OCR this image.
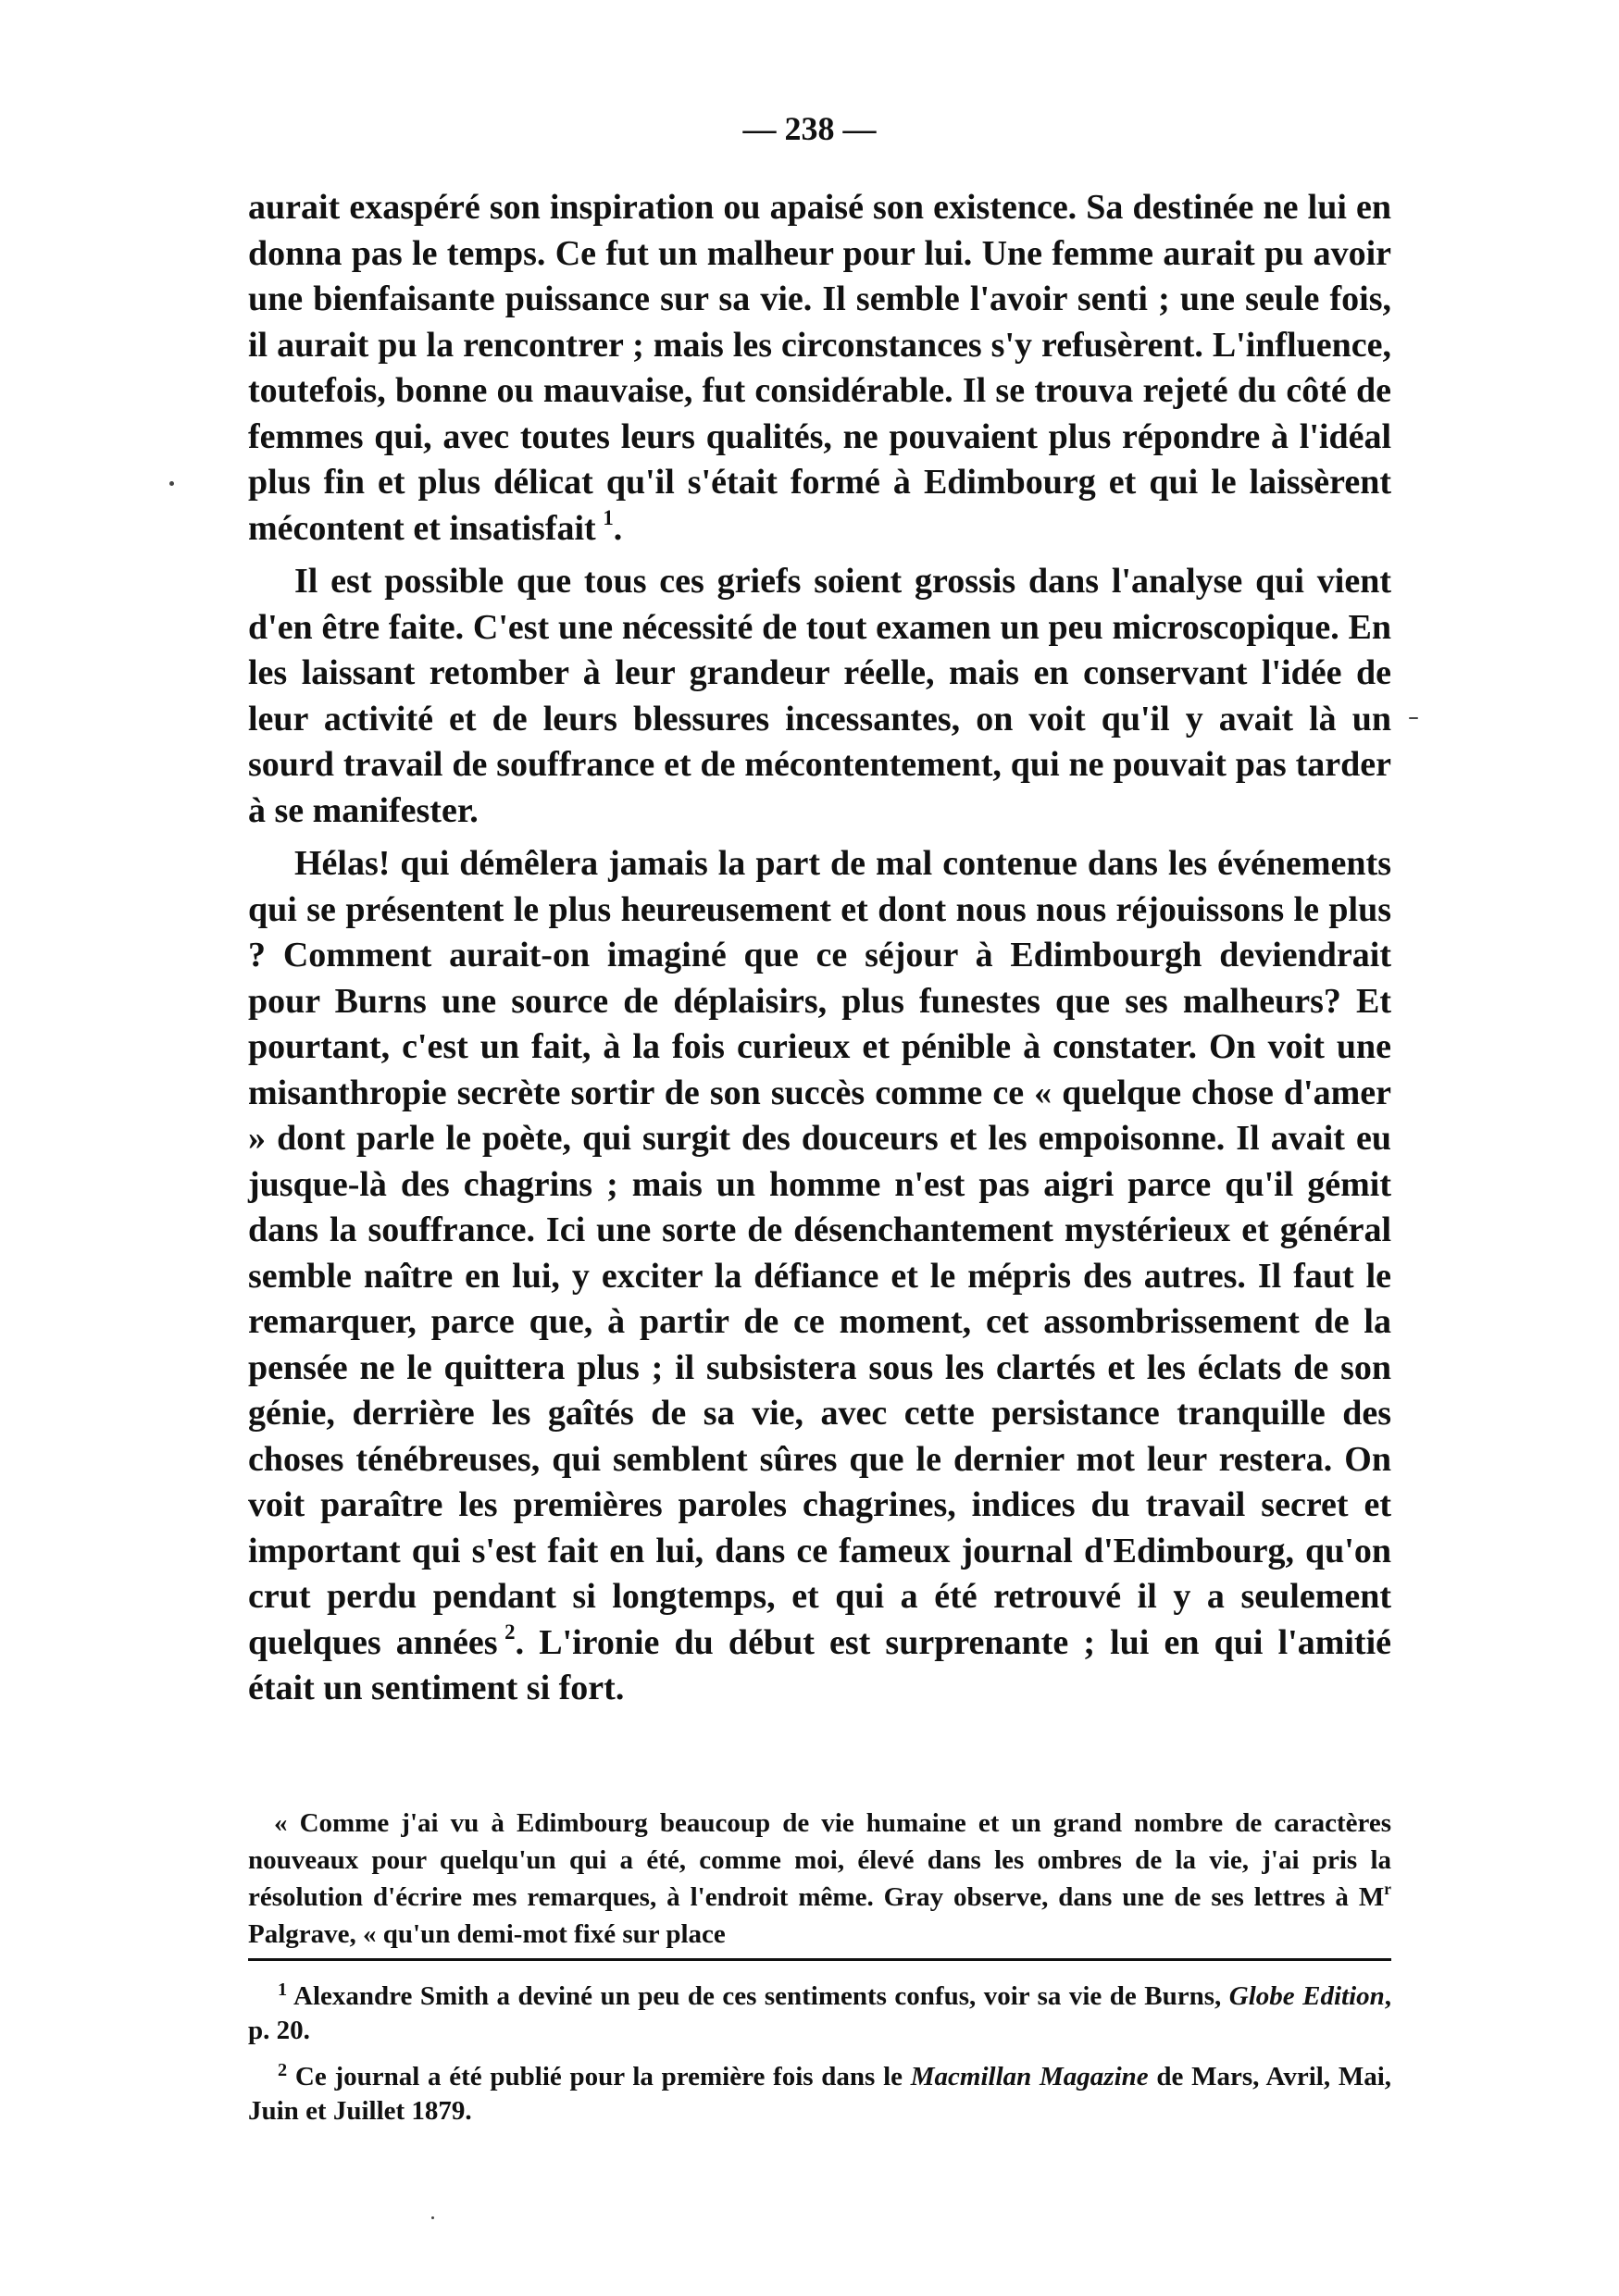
— 238 —

aurait exaspéré son inspiration ou apaisé son existence. Sa destinée ne lui en donna pas le temps. Ce fut un malheur pour lui. Une femme aurait pu avoir une bienfaisante puissance sur sa vie. Il semble l'avoir senti ; une seule fois, il aurait pu la rencontrer ; mais les circonstances s'y refusèrent. L'influence, toutefois, bonne ou mauvaise, fut considérable. Il se trouva rejeté du côté de femmes qui, avec toutes leurs qualités, ne pouvaient plus répondre à l'idéal plus fin et plus délicat qu'il s'était formé à Edimbourg et qui le laissèrent mécontent et insatisfait  $^1$.

Il est possible que tous ces griefs soient grossis dans l'analyse qui vient d'en être faite. C'est une nécessité de tout examen un peu microscopique. En les laissant retomber à leur grandeur réelle, mais en conservant l'idée de leur activité et de leurs blessures incessantes, on voit qu'il y avait là un sourd travail de souffrance et de mécontentement, qui ne pouvait pas tarder à se manifester.

Hélas! qui démêlera jamais la part de mal contenue dans les événements qui se présentent le plus heureusement et dont nous nous réjouissons le plus ? Comment aurait-on imaginé que ce séjour à Edimbourgh deviendrait pour Burns une source de déplaisirs, plus funestes que ses malheurs? Et pourtant, c'est un fait, à la fois curieux et pénible à constater. On voit une misanthropie secrète sortir de son succès comme ce « quelque chose d'amer » dont parle le poète, qui surgit des douceurs et les empoisonne. Il avait eu jusque-là des chagrins ; mais un homme n'est pas aigri parce qu'il gémit dans la souffrance. Ici une sorte de désenchantement mystérieux et général semble naître en lui, y exciter la défiance et le mépris des autres. Il faut le remarquer, parce que, à partir de ce moment, cet assombrissement de la pensée ne le quittera plus ; il subsistera sous les clartés et les éclats de son génie, derrière les gaîtés de sa vie, avec cette persistance tranquille des choses ténébreuses, qui semblent sûres que le dernier mot leur restera. On voit paraître les premières paroles chagrines, indices du travail secret et important qui s'est fait en lui, dans ce fameux journal d'Edimbourg, qu'on crut perdu pendant si longtemps, et qui a été retrouvé il y a seulement quelques années  $^2$. L'ironie du début est surprenante ; lui en qui l'amitié était un sentiment si fort.

« Comme j'ai vu à Edimbourg beaucoup de vie humaine et un grand nombre de caractères nouveaux pour quelqu'un qui a été, comme moi, élevé dans les ombres de la vie, j'ai pris la résolution d'écrire mes remarques, à l'endroit même. Gray observe, dans une de ses lettres à $M^r$ Palgrave, « qu'un demi-mot fixé sur place

$^1$ Alexandre Smith a deviné un peu de ces sentiments confus, voir sa vie de Burns, Globe Edition, p. 20.

$^2$ Ce journal a été publié pour la première fois dans le Macmillan Magazine de Mars, Avril, Mai, Juin et Juillet 1879.
